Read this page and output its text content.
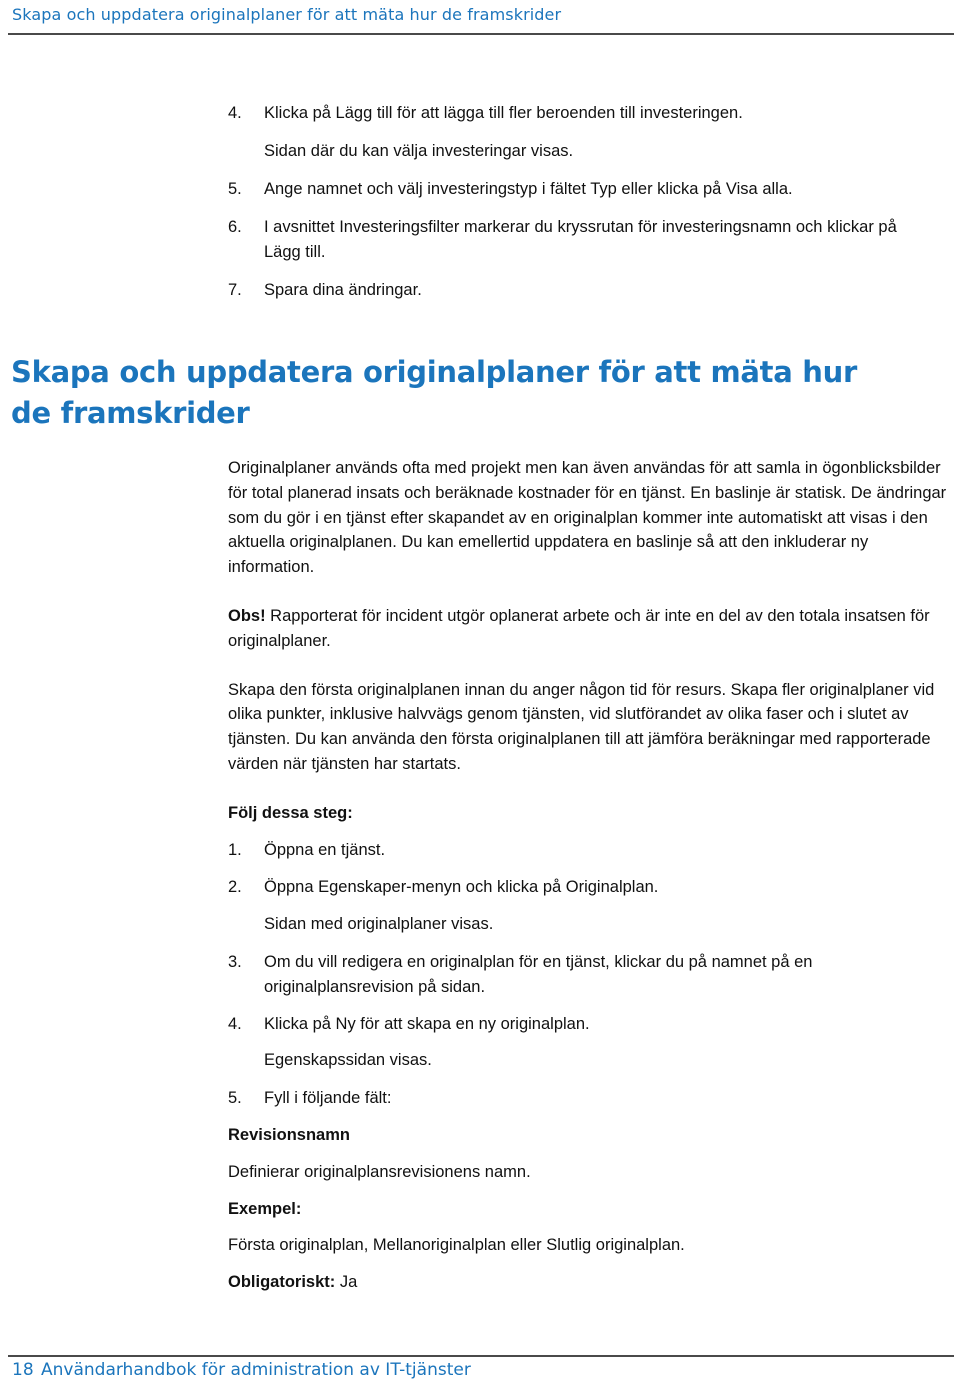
Skapa och uppdatera originalplaner för att mäta hur de framskrider
4. Klicka på Lägg till för att lägga till fler beroenden till investeringen.
Sidan där du kan välja investeringar visas.
5. Ange namnet och välj investeringstyp i fältet Typ eller klicka på Visa alla.
6. I avsnittet Investeringsfilter markerar du kryssrutan för investeringsnamn och klickar på Lägg till.
7. Spara dina ändringar.
Skapa och uppdatera originalplaner för att mäta hur de framskrider

Originalplaner används ofta med projekt men kan även användas för att samla in ögonblicksbilder för total planerad insats och beräknade kostnader för en tjänst. En baslinje är statisk. De ändringar som du gör i en tjänst efter skapandet av en originalplan kommer inte automatiskt att visas i den aktuella originalplanen. Du kan emellertid uppdatera en baslinje så att den inkluderar ny information.

Obs! Rapporterat för incident utgör oplanerat arbete och är inte en del av den totala insatsen för originalplaner.

Skapa den första originalplanen innan du anger någon tid för resurs. Skapa fler originalplaner vid olika punkter, inklusive halvvägs genom tjänsten, vid slutförandet av olika faser och i slutet av tjänsten. Du kan använda den första originalplanen till att jämföra beräkningar med rapporterade värden när tjänsten har startats.

Följ dessa steg:

1. Öppna en tjänst.
2. Öppna Egenskaper-menyn och klicka på Originalplan.
Sidan med originalplaner visas.
3. Om du vill redigera en originalplan för en tjänst, klickar du på namnet på en originalplansrevision på sidan.
4. Klicka på Ny för att skapa en ny originalplan.
Egenskapssidan visas.
5. Fyll i följande fält:

Revisionsnamn

Definierar originalplansrevisionens namn.

Exempel:

Första originalplan, Mellanoriginalplan eller Slutlig originalplan.

Obligatoriskt: Ja

18 Användarhandbok för administration av IT-tjänster
